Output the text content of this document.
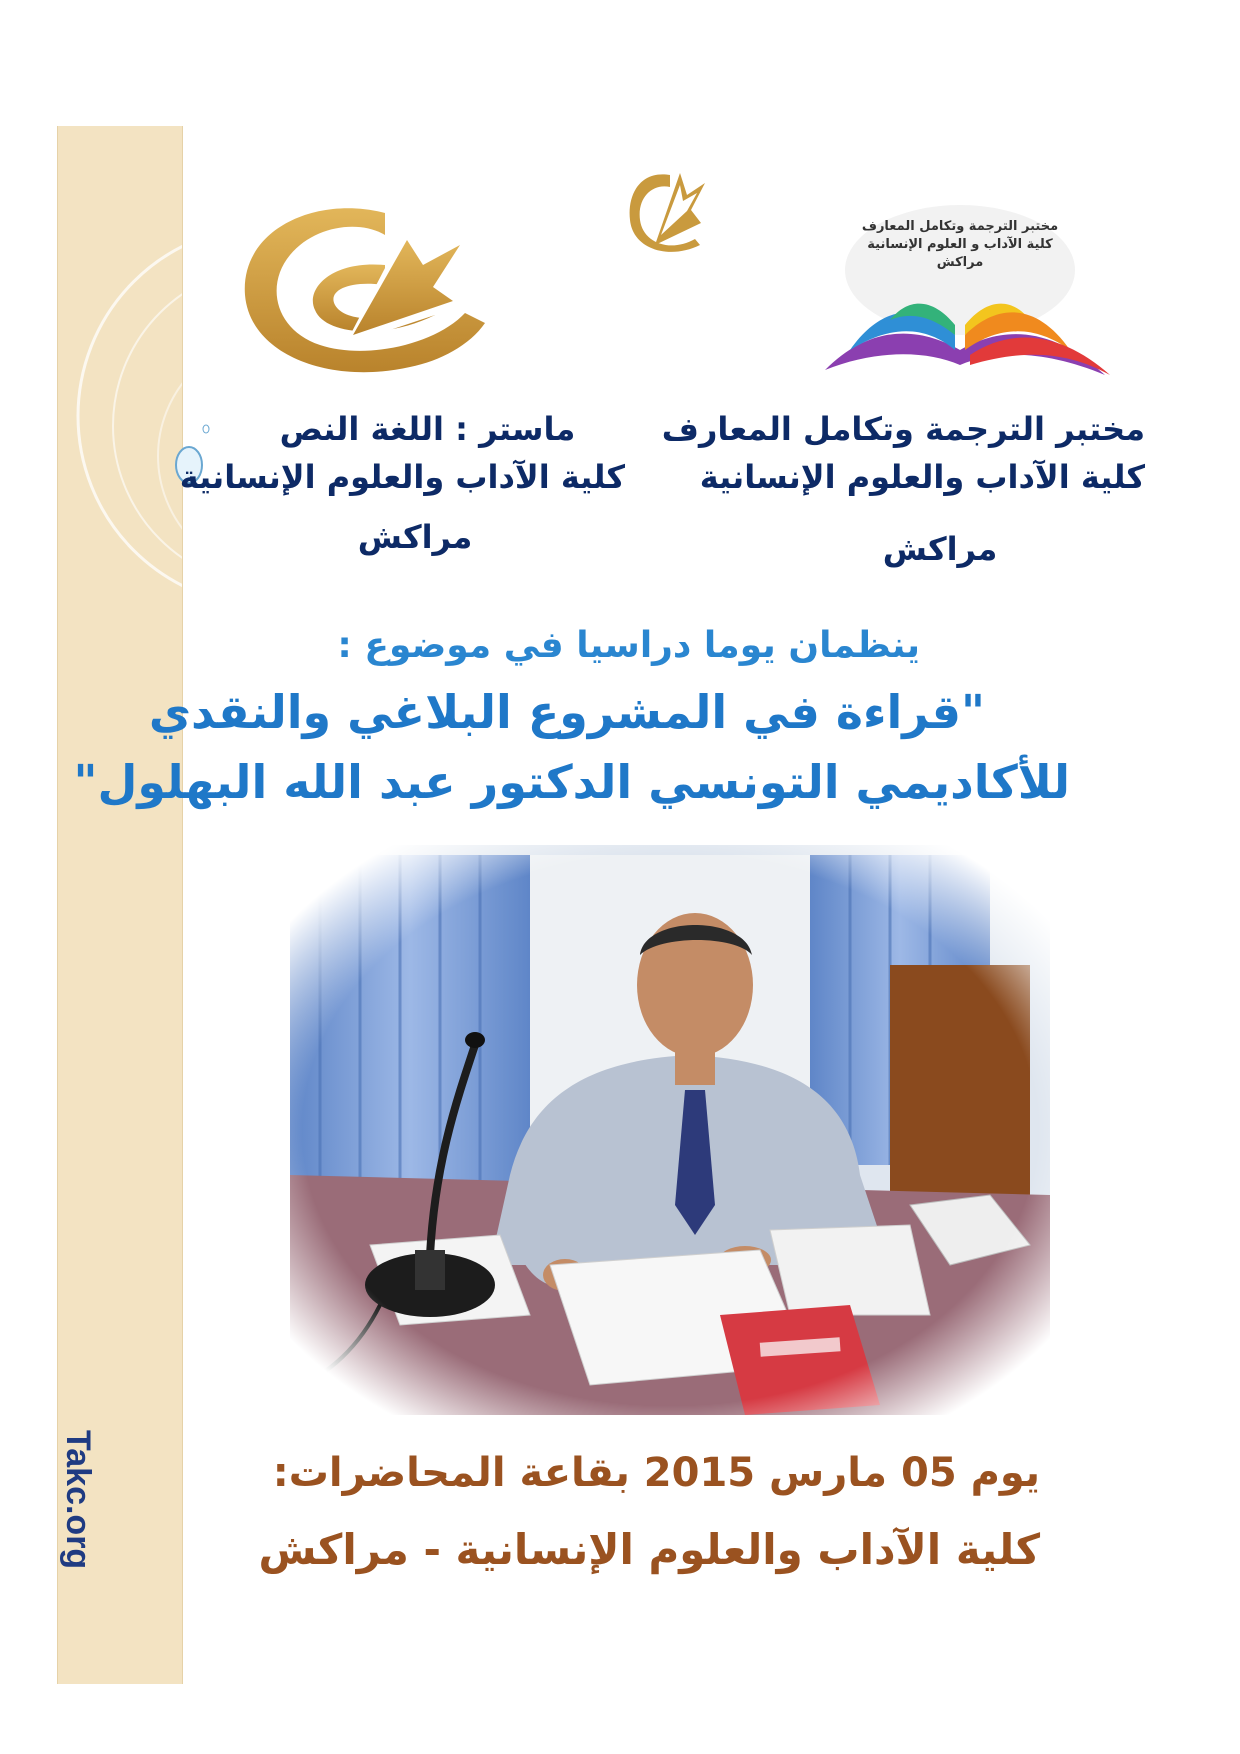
Takc.org
مختبر الترجمة وتكامل المعارف
كلية الآداب و العلوم الإنسانية
مراكش
ماستر : اللغة النص
كلية الآداب والعلوم الإنسانية
مراكش
مختبر الترجمة وتكامل المعارف
كلية الآداب والعلوم الإنسانية
مراكش
ينظمان يوما دراسيا في موضوع :
"قراءة في المشروع البلاغي والنقدي
للأكاديمي التونسي الدكتور عبد الله البهلول"
يوم 05 مارس 2015 بقاعة المحاضرات:
كلية الآداب والعلوم الإنسانية - مراكش
